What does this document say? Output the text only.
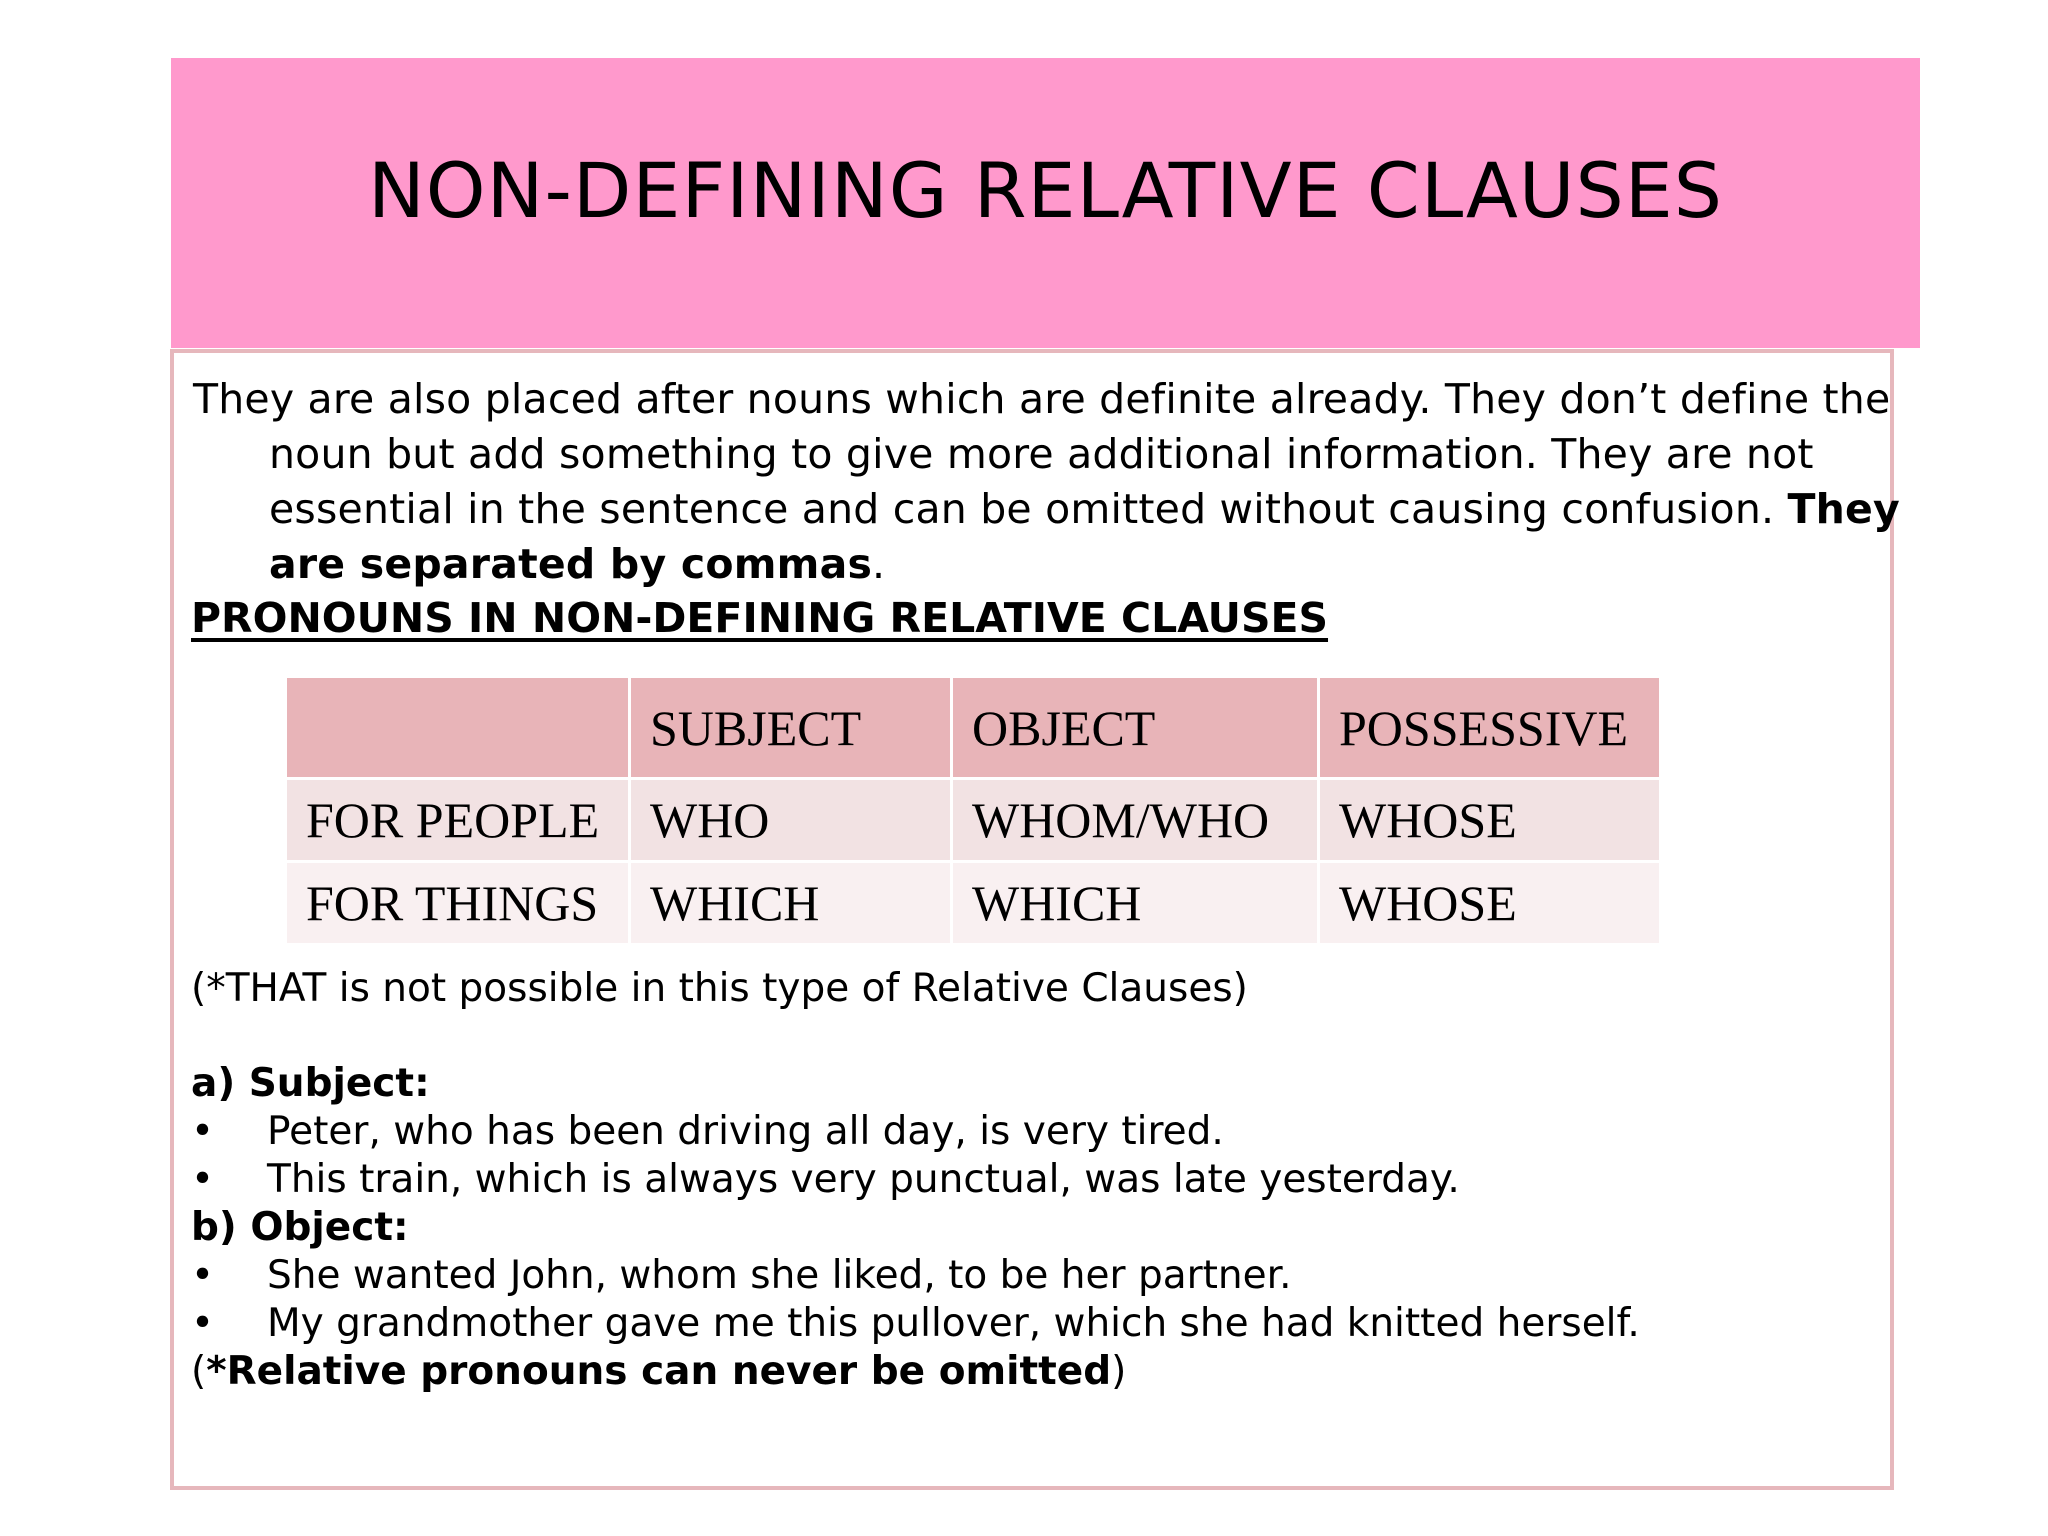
NON-DEFINING RELATIVE CLAUSES
They are also placed after nouns which are definite already. They don’t define the noun but add something to give more additional information. They are not essential in the sentence and can be omitted without causing confusion. They are separated by commas.
PRONOUNS IN NON-DEFINING RELATIVE CLAUSES
	SUBJECT	OBJECT	POSSESSIVE
FOR PEOPLE	WHO	WHOM/WHO	WHOSE
FOR THINGS	WHICH	WHICH	WHOSE
(*THAT is not possible in this type of Relative Clauses)
a) Subject:
• Peter, who has been driving all day, is very tired.
• This train, which is always very punctual, was late yesterday.
b) Object:
• She wanted John, whom she liked, to be her partner.
• My grandmother gave me this pullover, which she had knitted herself.
(*Relative pronouns can never be omitted)
